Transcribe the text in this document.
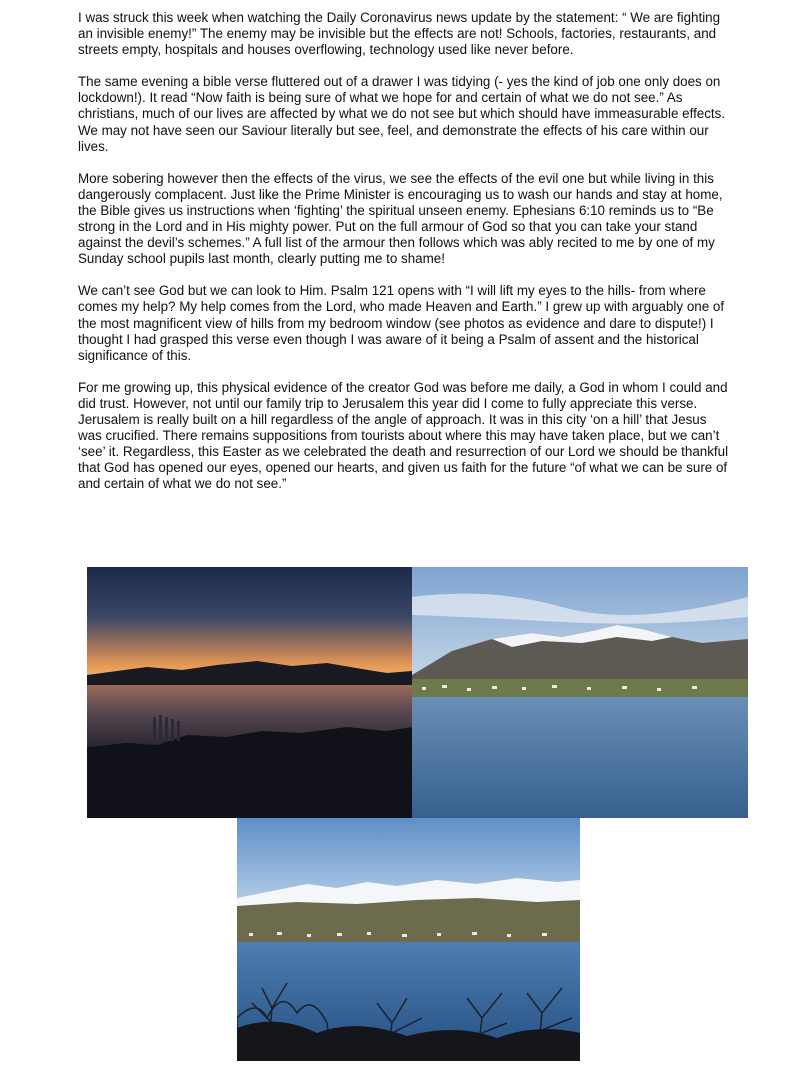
I was struck this week when watching the Daily Coronavirus news update by the statement: “ We are fighting an invisible enemy!” The enemy may be invisible but the effects are not! Schools, factories, restaurants, and streets empty, hospitals and houses overflowing, technology used like never before.

The same evening a bible verse fluttered out of a drawer I was tidying (- yes the kind of job one only does on lockdown!). It read “Now faith is being sure of what we hope for and certain of what we do not see.” As christians, much of our lives are affected by what we do not see but which should have immeasurable effects. We may not have seen our Saviour literally but see, feel, and demonstrate the effects of his care within our lives.

More sobering however then the effects of the virus, we see the effects of the evil one but while living in this dangerously complacent. Just like the Prime Minister is encouraging us to wash our hands and stay at home, the Bible gives us instructions when ‘fighting’ the spiritual unseen enemy. Ephesians 6:10 reminds us to “Be strong in the Lord and in His mighty power. Put on the full armour of God so that you can take your stand against the devil’s schemes.” A full list of the armour then follows which was ably recited to me by one of my Sunday school pupils last month, clearly putting me to shame!

We can’t see God but we can look to Him. Psalm 121 opens with “I will lift my eyes to the hills- from where comes my help? My help comes from the Lord, who made Heaven and Earth.” I grew up with arguably one of the most magnificent view of hills from my bedroom window (see photos as evidence and dare to dispute!) I thought I had grasped this verse even though I was aware of it being a Psalm of assent and the historical significance of this.

For me growing up, this physical evidence of the creator God was before me daily, a God in whom I could and did trust. However, not until our family trip to Jerusalem this year did I come to fully appreciate this verse. Jerusalem is really built on a hill regardless of the angle of approach. It was in this city ‘on a hill’ that Jesus was crucified. There remains suppositions from tourists about where this may have taken place, but we can’t ‘see’ it. Regardless, this Easter as we celebrated the death and resurrection of our Lord we should be thankful that God has opened our eyes, opened our hearts, and given us faith for the future “of what we can be sure of and certain of what we do not see.”
